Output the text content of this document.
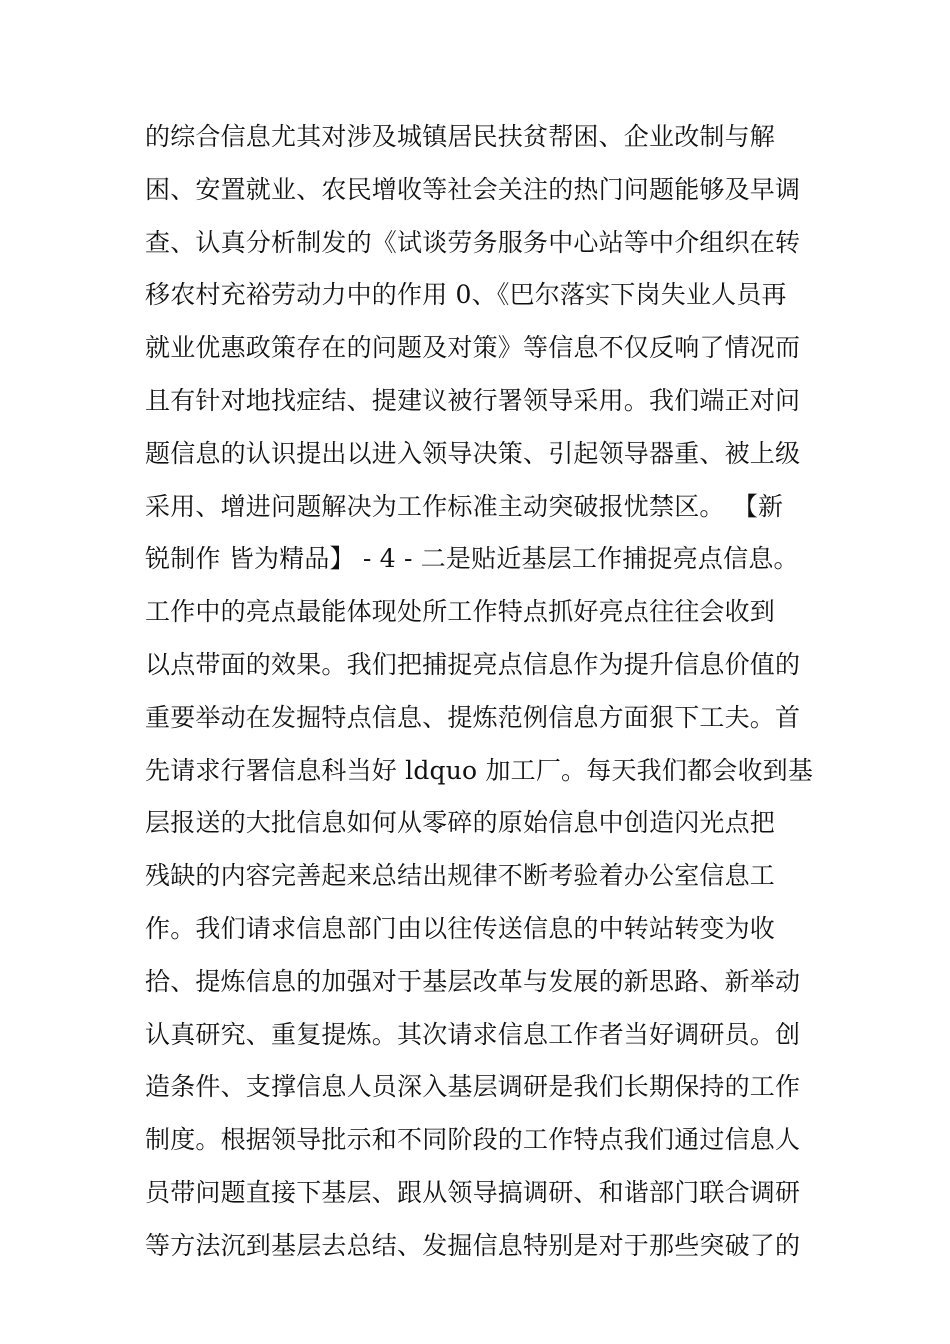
的综合信息尤其对涉及城镇居民扶贫帮困、企业改制与解
困、安置就业、农民增收等社会关注的热门问题能够及早调
查、认真分析制发的《试谈劳务服务中心站等中介组织在转
移农村充裕劳动力中的作用 0、《巴尔落实下岗失业人员再
就业优惠政策存在的问题及对策》等信息不仅反响了情况而
且有针对地找症结、提建议被行署领导采用。我们端正对问
题信息的认识提出以进入领导决策、引起领导器重、被上级
采用、增进问题解决为工作标准主动突破报忧禁区。 【新
锐制作 皆为精品】 - 4 - 二是贴近基层工作捕捉亮点信息。
工作中的亮点最能体现处所工作特点抓好亮点往往会收到
以点带面的效果。我们把捕捉亮点信息作为提升信息价值的
重要举动在发掘特点信息、提炼范例信息方面狠下工夫。首
先请求行署信息科当好 ldquo 加工厂。每天我们都会收到基
层报送的大批信息如何从零碎的原始信息中创造闪光点把
残缺的内容完善起来总结出规律不断考验着办公室信息工
作。我们请求信息部门由以往传送信息的中转站转变为收
拾、提炼信息的加强对于基层改革与发展的新思路、新举动
认真研究、重复提炼。其次请求信息工作者当好调研员。创
造条件、支撑信息人员深入基层调研是我们长期保持的工作
制度。根据领导批示和不同阶段的工作特点我们通过信息人
员带问题直接下基层、跟从领导搞调研、和谐部门联合调研
等方法沉到基层去总结、发掘信息特别是对于那些突破了的
